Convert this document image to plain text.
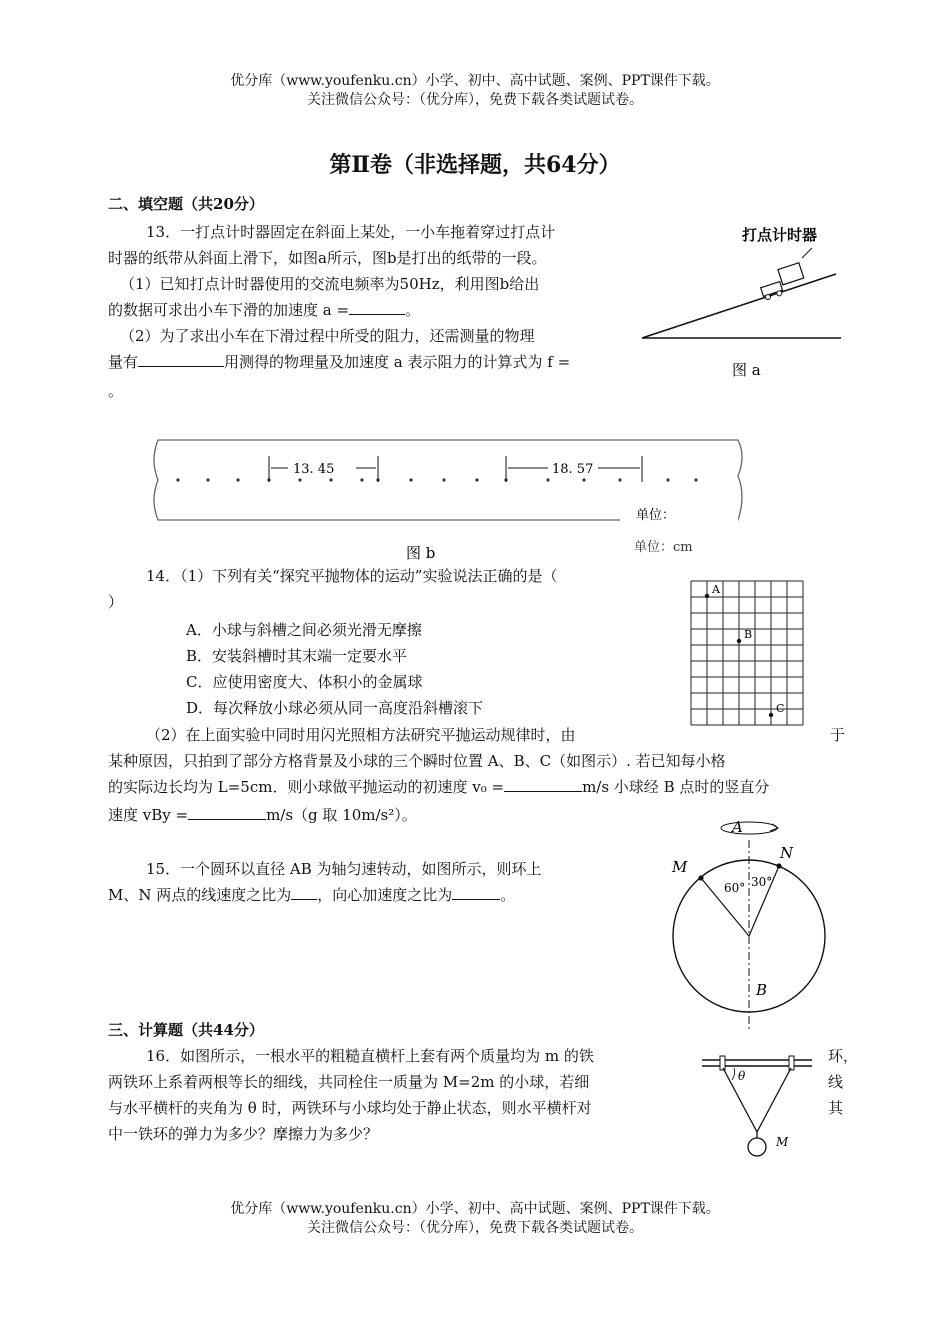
优分库（www.youfenku.cn）小学、初中、高中试题、案例、PPT课件下载。
关注微信公众号：（优分库），免费下载各类试题试卷。
第Ⅱ卷（非选择题，共64分）
二、填空题（共20分）
13．一打点计时器固定在斜面上某处，一小车拖着穿过打点计
时器的纸带从斜面上滑下，如图a所示，图b是打出的纸带的一段。
（1）已知打点计时器使用的交流电频率为50Hz，利用图b给出
的数据可求出小车下滑的加速度 a =	。
（2）为了求出小车在下滑过程中所受的阻力，还需测量的物理
量有	用测得的物理量及加速度 a 表示阻力的计算式为 f =
。
打点计时器
图 a
13. 45	18. 57
单位：
单位：cm
图 b
14．（1）下列有关“探究平抛物体的运动”实验说法正确的是（
）
A．小球与斜槽之间必须光滑无摩擦
B．安装斜槽时其末端一定要水平
C．应使用密度大、体积小的金属球
D．每次释放小球必须从同一高度沿斜槽滚下
（2）在上面实验中同时用闪光照相方法研究平抛运动规律时，由	于
某种原因，只拍到了部分方格背景及小球的三个瞬时位置 A、B、C（如图示）. 若已知每小格
的实际边长均为 L=5cm．则小球做平抛运动的初速度 v₀ =	m/s 小球经 B 点时的竖直分
速度 vBy =	m/s（g 取 10m/s²）。
A
B
C
15．一个圆环以直径 AB 为轴匀速转动，如图所示，则环上
M、N 两点的线速度之比为 ，向心加速度之比为	。
A
M
N
60° 30°
B
三、计算题（共44分）
16．如图所示，一根水平的粗糙直横杆上套有两个质量均为 m 的铁	环，
两铁环上系着两根等长的细线，共同栓住一质量为 M=2m 的小球，若细	线
与水平横杆的夹角为 θ 时，两铁环与小球均处于静止状态，则水平横杆对	其
中一铁环的弹力为多少？摩擦力为多少？
θ
M
优分库（www.youfenku.cn）小学、初中、高中试题、案例、PPT课件下载。
关注微信公众号：（优分库），免费下载各类试题试卷。
